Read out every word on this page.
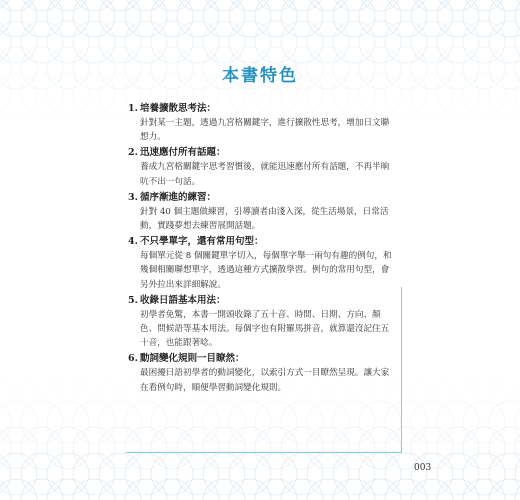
本書特色
1. 培養擴散思考法：
針對某一主題，透過九宮格關鍵字，進行擴散性思考，增加日文聯想力。
2. 迅速應付所有話題：
養成九宮格關鍵字思考習慣後，就能迅速應付所有話題，不再半晌吭不出一句話。
3. 循序漸進的練習：
針對 40 個主題做練習，引導讀者由淺入深，從生活場景，日常活動，實踐夢想去練習展開話題。
4. 不只學單字，還有常用句型：
每個單元從 8 個關鍵單字切入，每個單字舉一兩句有趣的例句，和幾個相關聯想單字，透過這種方式擴散學習。例句的常用句型，會另外拉出來詳細解說。
5. 收錄日語基本用法：
初學者免驚，本書一開頭收錄了五十音、時間、日期、方向、顏色、問候語等基本用法。每個字也有附羅馬拼音，就算還沒記住五十音，也能跟著唸。
6. 動詞變化規則一目瞭然：
最困擾日語初學者的動詞變化，以索引方式一目瞭然呈現。讓大家在看例句時，順便學習動詞變化規則。
003
